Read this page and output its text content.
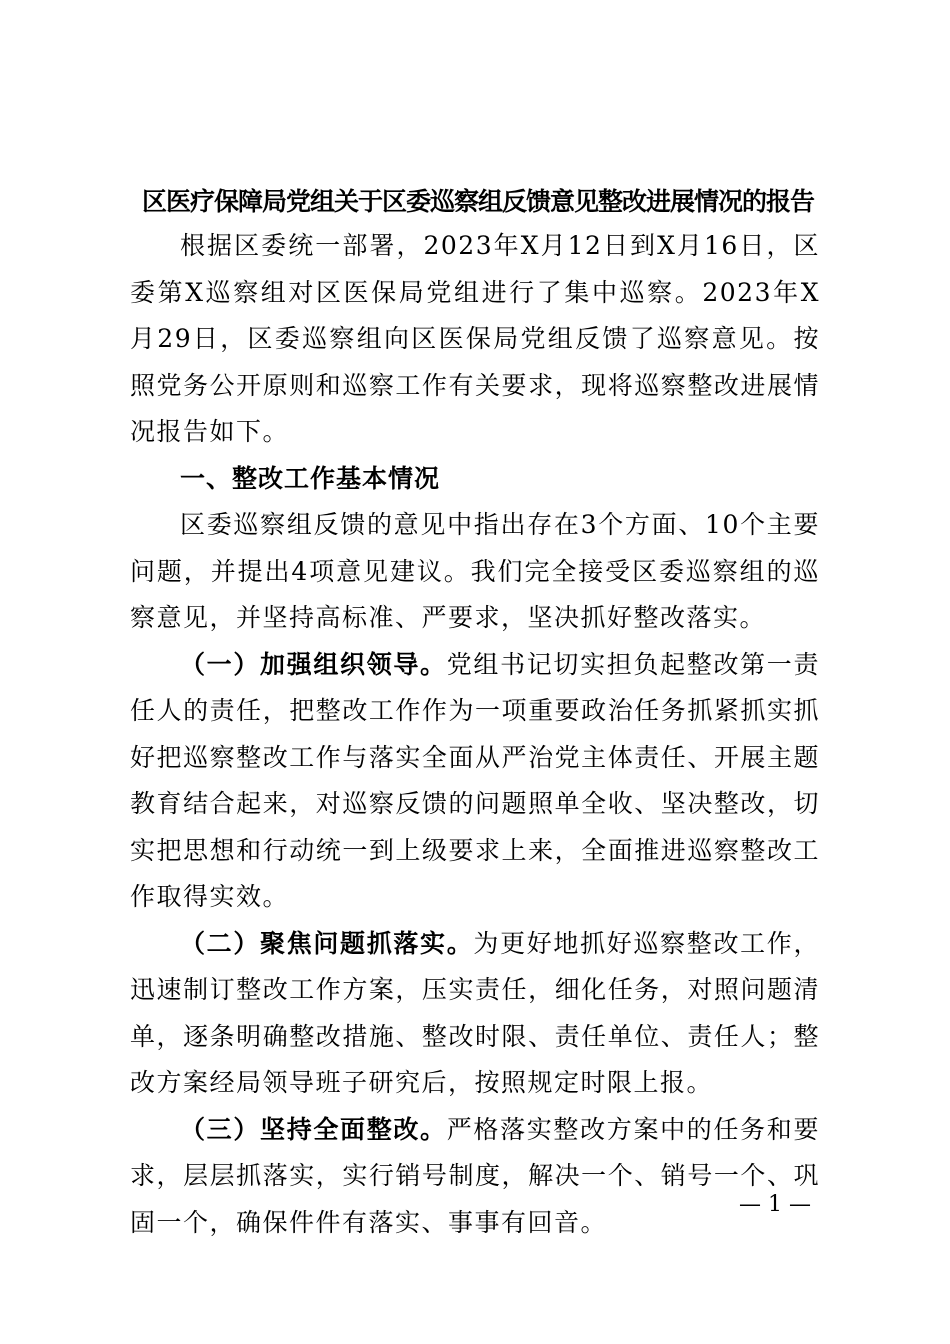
区医疗保障局党组关于区委巡察组反馈意见整改进展情况的报告

根据区委统一部署，2023年X月12日到X月16日，区委第X巡察组对区医保局党组进行了集中巡察。2023年X月29日，区委巡察组向区医保局党组反馈了巡察意见。按照党务公开原则和巡察工作有关要求，现将巡察整改进展情况报告如下。

一、整改工作基本情况

区委巡察组反馈的意见中指出存在3个方面、10个主要问题，并提出4项意见建议。我们完全接受区委巡察组的巡察意见，并坚持高标准、严要求，坚决抓好整改落实。

（一）加强组织领导。党组书记切实担负起整改第一责任人的责任，把整改工作作为一项重要政治任务抓紧抓实抓好把巡察整改工作与落实全面从严治党主体责任、开展主题教育结合起来，对巡察反馈的问题照单全收、坚决整改，切实把思想和行动统一到上级要求上来，全面推进巡察整改工作取得实效。

（二）聚焦问题抓落实。为更好地抓好巡察整改工作，迅速制订整改工作方案，压实责任，细化任务，对照问题清单，逐条明确整改措施、整改时限、责任单位、责任人；整改方案经局领导班子研究后，按照规定时限上报。

（三）坚持全面整改。严格落实整改方案中的任务和要求，层层抓落实，实行销号制度，解决一个、销号一个、巩固一个，确保件件有落实、事事有回音。

— 1 —
